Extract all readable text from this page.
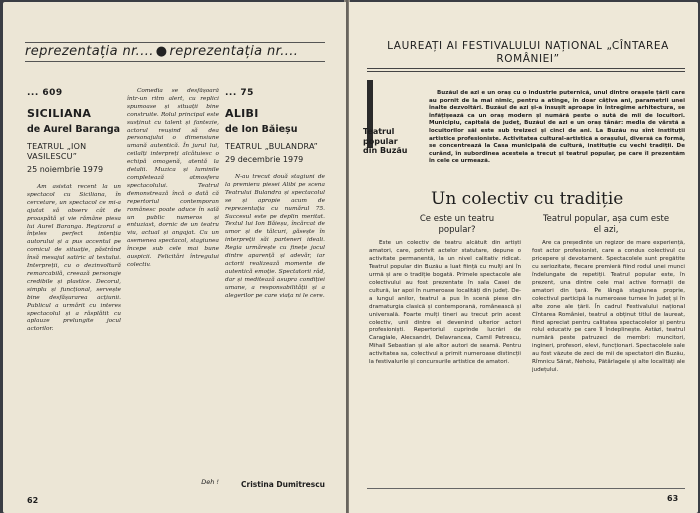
reprezentația nr.... ● reprezentația nr....
... 609
SICILIANA
de Aurel Baranga
TEATRUL „ION VASILESCU”
25 noiembrie 1979
Am asistat recent la un spectacol cu Siciliana, în cercetare, un spectacol ce mi-a ajutat să observ cât de proaspătă și vie rămâne piesa lui Aurel Baranga. Regizorul a înțeles perfect intenția autorului și a pus accentul pe comicul de situație, păstrând însă mesajul satiric al textului. Interpreții, cu o dezinvoltură remarcabilă, creează personaje credibile și plastice. Decorul, simplu și funcțional, servește bine desfășurarea acțiunii. Publicul a urmărit cu interes spectacolul și a răsplătit cu aplauze prelungite jocul actorilor.
Comedia se desfășoară într-un ritm alert, cu replici spumoase și situații bine construite. Rolul principal este susținut cu talent și fantezie, actorul reușind să dea personajului o dimensiune umană autentică. În jurul lui, ceilalți interpreți alcătuiesc o echipă omogenă, atentă la detalii. Muzica și luminile completează atmosfera spectacolului. Teatrul demonstrează încă o dată că repertoriul contemporan românesc poate aduce în sală un public numeros și entuziast, dornic de un teatru viu, actual și angajat. Cu un asemenea spectacol, stagiunea începe sub cele mai bune auspicii. Felicitări întregului colectiv.
Deh !
... 75
ALIBI
de Ion Băieșu
TEATRUL „BULANDRA”
29 decembrie 1979
N-au trecut două stagiuni de la premiera piesei Alibi pe scena Teatrului Bulandra și spectacolul se și apropie acum de reprezentația cu numărul 75. Succesul este pe deplin meritat. Textul lui Ion Băieșu, încărcat de umor și de tâlcuri, găsește în interpreții săi parteneri ideali. Regia urmărește cu finețe jocul dintre aparență și adevăr, iar actorii realizează momente de autentică emoție. Spectatorii râd, dar și meditează asupra condiției umane, a responsabilității și a alegerilor pe care viața ni le cere.
Cristina Dumitrescu
62
LAUREAȚI AI FESTIVALULUI NAȚIONAL „CÎNTAREA ROMÂNIEI”
Buzăul de azi e un oraș cu o industrie puternică, unul dintre orașele țării care au pornit de la mai nimic, pentru a atinge, în doar câțiva ani, parametrii unei înalte dezvoltări. Buzăul de azi și-a însușit aproape în întregime arhitectura, se înfățișează ca un oraș modern și numără peste o sută de mii de locuitori. Municipiu, capitală de județ, Buzăul de azi e un oraș tânăr: media de vârstă a locuitorilor săi este sub treizeci și cinci de ani. La Buzău nu sînt instituții artistice profesioniste. Activitatea cultural-artistică a orașului, diversă ca formă, se concentrează la Casa municipală de cultură, instituție cu vechi tradiții. De curând, în subordinea acesteia a trecut și teatrul popular, pe care îl prezentăm în cele ce urmează.
Teatrul popular din Buzău
Un colectiv cu tradiție
Ce este un teatru popular?
Teatrul popular, așa cum este el azi,
Este un colectiv de teatru alcătuit din artiști amatori, care, potrivit actelor statutare, depune o activitate permanentă, la un nivel calitativ ridicat. Teatrul popular din Buzău a luat ființă cu mulți ani în urmă și are o tradiție bogată. Primele spectacole ale colectivului au fost prezentate în sala Casei de cultură, iar apoi în numeroase localități din județ. De-a lungul anilor, teatrul a pus în scenă piese din dramaturgia clasică și contemporană, românească și universală. Foarte mulți tineri au trecut prin acest colectiv, unii dintre ei devenind ulterior actori profesioniști. Repertoriul cuprinde lucrări de Caragiale, Alecsandri, Delavrancea, Camil Petrescu, Mihail Sebastian și ale altor autori de seamă. Pentru activitatea sa, colectivul a primit numeroase distincții la festivalurile și concursurile artistice de amatori.
Are ca președinte un regizor de mare experiență, fost actor profesionist, care a condus colectivul cu pricepere și devotament. Spectacolele sunt pregătite cu seriozitate, fiecare premieră fiind rodul unei munci îndelungate de repetiții. Teatrul popular este, în prezent, una dintre cele mai active formații de amatori din țară. Pe lângă stagiunea proprie, colectivul participă la numeroase turnee în județ și în alte zone ale țării. În cadrul Festivalului național Cîntarea României, teatrul a obținut titlul de laureat, fiind apreciat pentru calitatea spectacolelor și pentru rolul educativ pe care îl îndeplinește. Astăzi, teatrul numără peste patruzeci de membri: muncitori, ingineri, profesori, elevi, funcționari. Spectacolele sale au fost văzute de zeci de mii de spectatori din Buzău, Rîmnicu Sărat, Nehoiu, Pătârlagele și alte localități ale județului.
63
